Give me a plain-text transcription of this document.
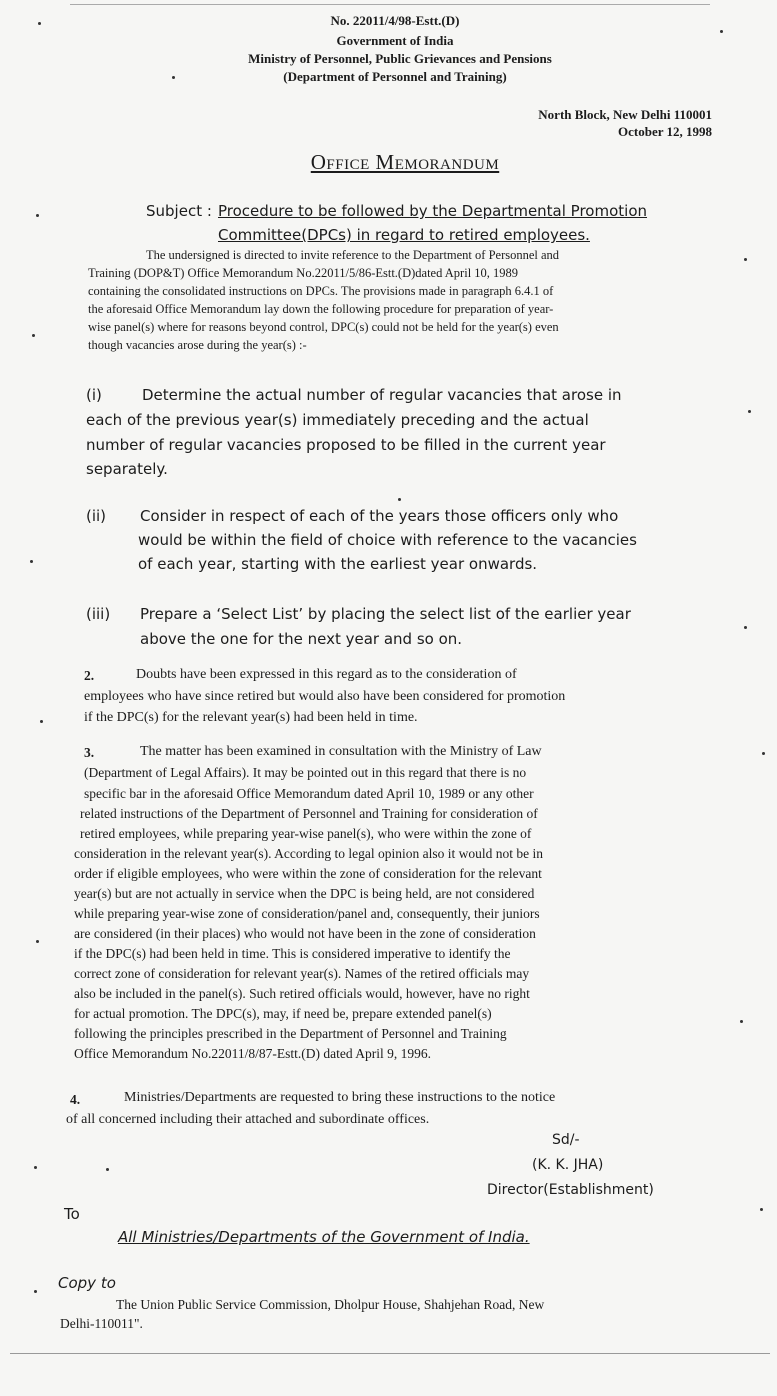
No. 22011/4/98-Estt.(D)
Government of India
Ministry of Personnel, Public Grievances and Pensions
(Department of Personnel and Training)
North Block, New Delhi 110001
October 12, 1998
Office Memorandum
Subject : Procedure to be followed by the Departmental Promotion
Committee(DPCs) in regard to retired employees.
The undersigned is directed to invite reference to the Department of Personnel and
Training (DOP&T) Office Memorandum No.22011/5/86-Estt.(D)dated April 10, 1989
containing the consolidated instructions on DPCs. The provisions made in paragraph 6.4.1 of
the aforesaid Office Memorandum lay down the following procedure for preparation of year-
wise panel(s) where for reasons beyond control, DPC(s) could not be held for the year(s) even
though vacancies arose during the year(s) :-
(i)	Determine the actual number of regular vacancies that arose in
each of the previous year(s) immediately preceding and the actual
number of regular vacancies proposed to be filled in the current year
separately.
(ii) Consider in respect of each of the years those officers only who
would be within the field of choice with reference to the vacancies
of each year, starting with the earliest year onwards.
(iii) Prepare a ‘Select List’ by placing the select list of the earlier year
above the one for the next year and so on.
2.	Doubts have been expressed in this regard as to the consideration of
employees who have since retired but would also have been considered for promotion
if the DPC(s) for the relevant year(s) had been held in time.
3.	The matter has been examined in consultation with the Ministry of Law
(Department of Legal Affairs). It may be pointed out in this regard that there is no
specific bar in the aforesaid Office Memorandum dated April 10, 1989 or any other
related instructions of the Department of Personnel and Training for consideration of
retired employees, while preparing year-wise panel(s), who were within the zone of
consideration in the relevant year(s). According to legal opinion also it would not be in
order if eligible employees, who were within the zone of consideration for the relevant
year(s) but are not actually in service when the DPC is being held, are not considered
while preparing year-wise zone of consideration/panel and, consequently, their juniors
are considered (in their places) who would not have been in the zone of consideration
if the DPC(s) had been held in time. This is considered imperative to identify the
correct zone of consideration for relevant year(s). Names of the retired officials may
also be included in the panel(s). Such retired officials would, however, have no right
for actual promotion. The DPC(s), may, if need be, prepare extended panel(s)
following the principles prescribed in the Department of Personnel and Training
Office Memorandum No.22011/8/87-Estt.(D) dated April 9, 1996.
4.	Ministries/Departments are requested to bring these instructions to the notice
of all concerned including their attached and subordinate offices.
Sd/-
(K. K. JHA)
Director(Establishment)
To
All Ministries/Departments of the Government of India.
Copy to
The Union Public Service Commission, Dholpur House, Shahjehan Road, New
Delhi-110011".
